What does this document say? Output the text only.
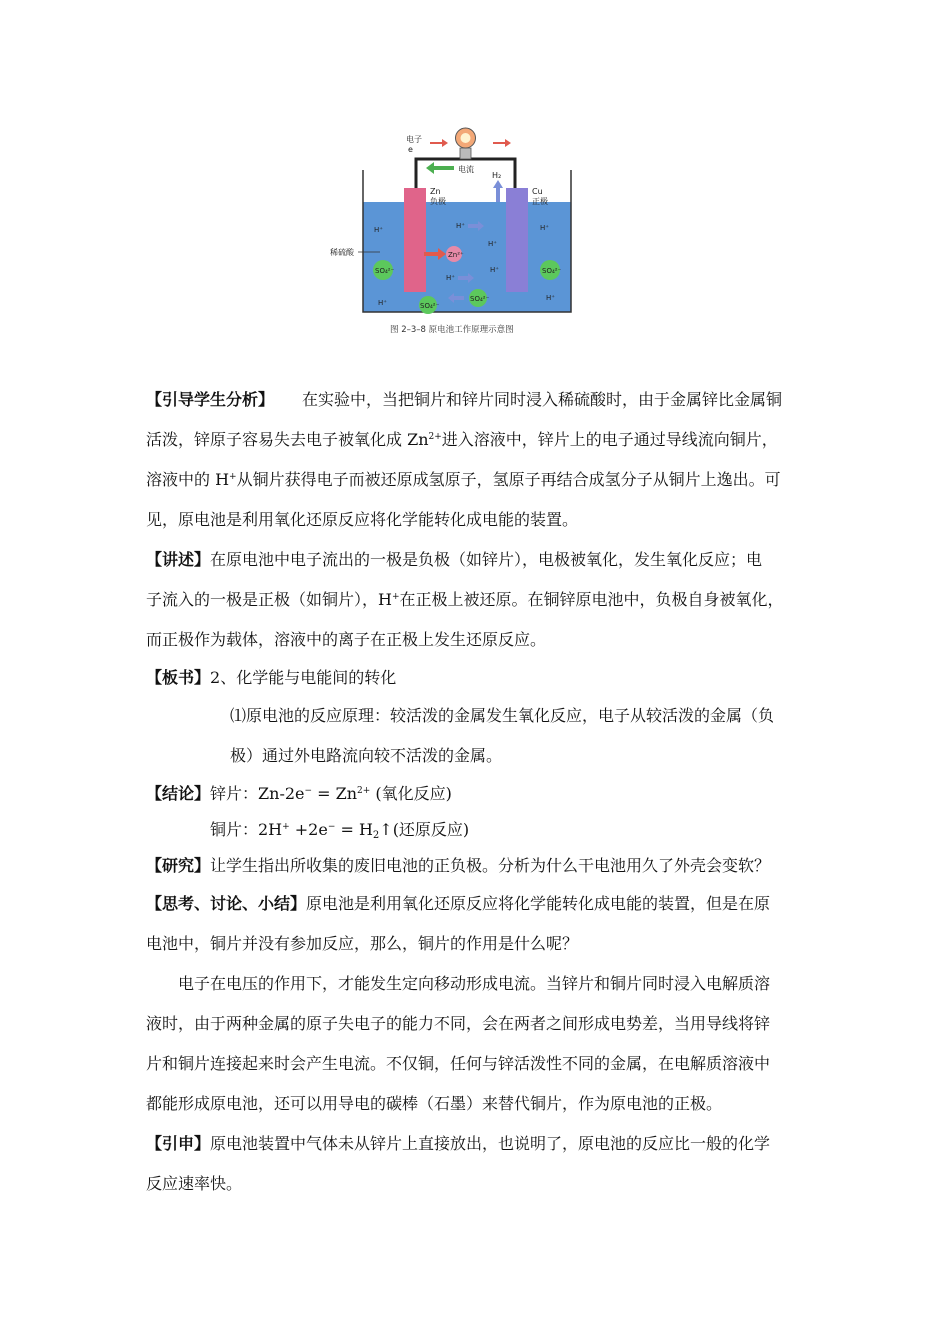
电子
e
电流
Zn
负极
H₂
Cu
正极
稀硫酸
H⁺	H⁺
H⁺
H⁺
H⁺
H⁺
H⁺
H⁺
SO₄²⁻	SO₄²⁻
SO₄²⁻
SO₄²⁻
Zn²⁺
图 2–3–8 原电池工作原理示意图

【引导学生分析】 在实验中，当把铜片和锌片同时浸入稀硫酸时，由于金属锌比金属铜
活泼，锌原子容易失去电子被氧化成 $Zn^{2+}$进入溶液中，锌片上的电子通过导线流向铜片，
溶液中的 H+从铜片获得电子而被还原成氢原子，氢原子再结合成氢分子从铜片上逸出。可
见，原电池是利用氧化还原反应将化学能转化成电能的装置。

【讲述】在原电池中电子流出的一极是负极（如锌片），电极被氧化，发生氧化反应；电
子流入的一极是正极（如铜片），H+在正极上被还原。在铜锌原电池中，负极自身被氧化，
而正极作为载体，溶液中的离子在正极上发生还原反应。

【板书】2、化学能与电能间的转化

⑴原电池的反应原理：较活泼的金属发生氧化反应，电子从较活泼的金属（负
极）通过外电路流向较不活泼的金属。

【结论】锌片：$Zn-2e^- = Zn^{2+}$ (氧化反应)

铜片：$2H^+ +2e^- = H_2↑$(还原反应)

【研究】让学生指出所收集的废旧电池的正负极。分析为什么干电池用久了外壳会变软？

【思考、讨论、小结】原电池是利用氧化还原反应将化学能转化成电能的装置，但是在原
电池中，铜片并没有参加反应，那么，铜片的作用是什么呢？

电子在电压的作用下，才能发生定向移动形成电流。当锌片和铜片同时浸入电解质溶
液时，由于两种金属的原子失电子的能力不同，会在两者之间形成电势差，当用导线将锌
片和铜片连接起来时会产生电流。不仅铜，任何与锌活泼性不同的金属，在电解质溶液中
都能形成原电池，还可以用导电的碳棒（石墨）来替代铜片，作为原电池的正极。

【引申】原电池装置中气体未从锌片上直接放出，也说明了，原电池的反应比一般的化学
反应速率快。
